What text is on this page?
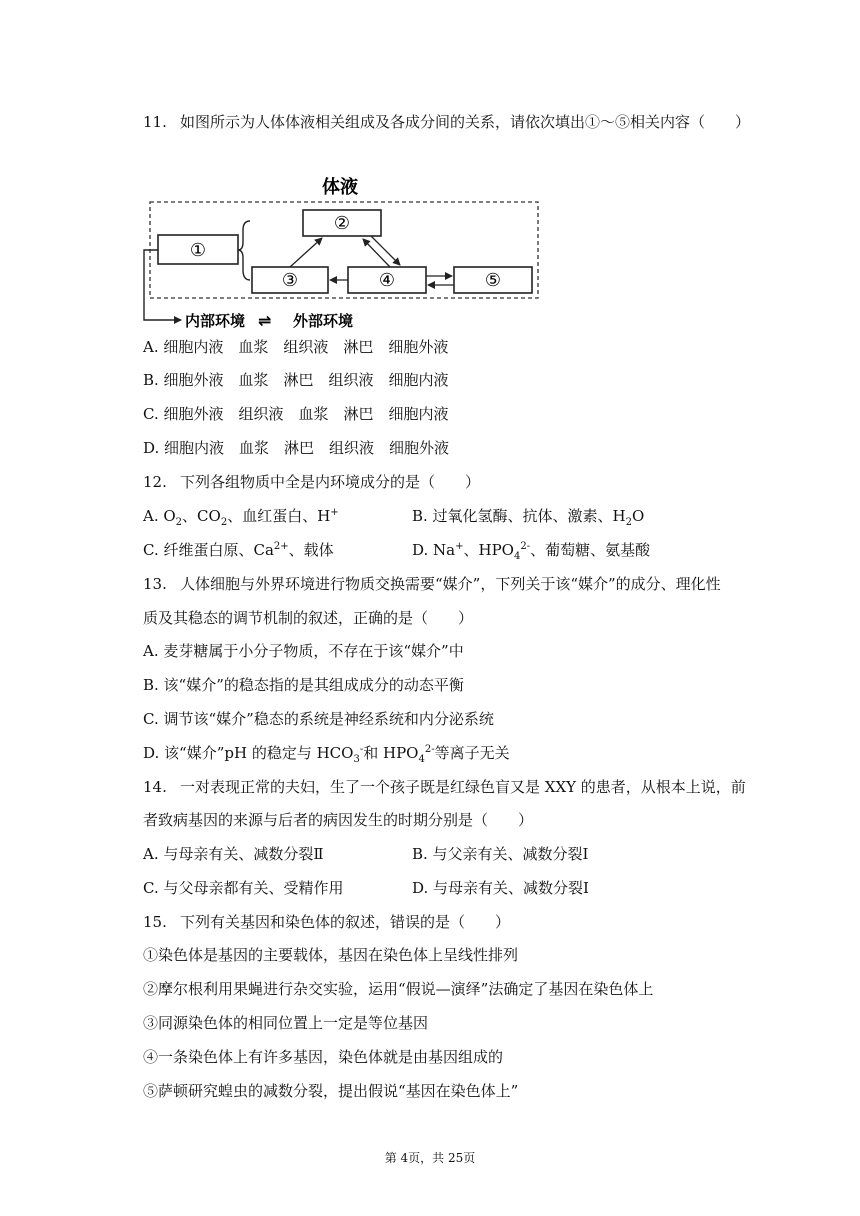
11. 如图所示为人体体液相关组成及各成分间的关系，请依次填出①～⑤相关内容（　　）
体液
①
②
③	④	⑤
内部环境 ⇌ 外部环境
A. 细胞内液　血浆　组织液　淋巴　细胞外液
B. 细胞外液　血浆　淋巴　组织液　细胞内液
C. 细胞外液　组织液　血浆　淋巴　细胞内液
D. 细胞内液　血浆　淋巴　组织液　细胞外液
12. 下列各组物质中全是内环境成分的是（　　）
A. $O_2$、$CO_2$、血红蛋白、H+	B. 过氧化氢酶、抗体、激素、$H_2O$
C. 纤维蛋白原、$Ca^{2+}$、载体	D. Na+、$HPO_4^{2-}$、葡萄糖、氨基酸
13. 人体细胞与外界环境进行物质交换需要“媒介”，下列关于该“媒介”的成分、理化性
质及其稳态的调节机制的叙述，正确的是（　　）
A. 麦芽糖属于小分子物质，不存在于该“媒介”中
B. 该“媒介”的稳态指的是其组成成分的动态平衡
C. 调节该“媒介”稳态的系统是神经系统和内分泌系统
D. 该“媒介”pH 的稳定与 $HCO_3^-$和 $HPO_4^{2-}$等离子无关
14. 一对表现正常的夫妇，生了一个孩子既是红绿色盲又是 XXY 的患者，从根本上说，前
者致病基因的来源与后者的病因发生的时期分别是（　　）
A. 与母亲有关、减数分裂Ⅱ	B. 与父亲有关、减数分裂Ⅰ
C. 与父母亲都有关、受精作用	D. 与母亲有关、减数分裂Ⅰ
15. 下列有关基因和染色体的叙述，错误的是（　　）
①染色体是基因的主要载体，基因在染色体上呈线性排列
②摩尔根利用果蝇进行杂交实验，运用“假说—演绎”法确定了基因在染色体上
③同源染色体的相同位置上一定是等位基因
④一条染色体上有许多基因，染色体就是由基因组成的
⑤萨顿研究蝗虫的减数分裂，提出假说“基因在染色体上”
第 4页，共 25页
